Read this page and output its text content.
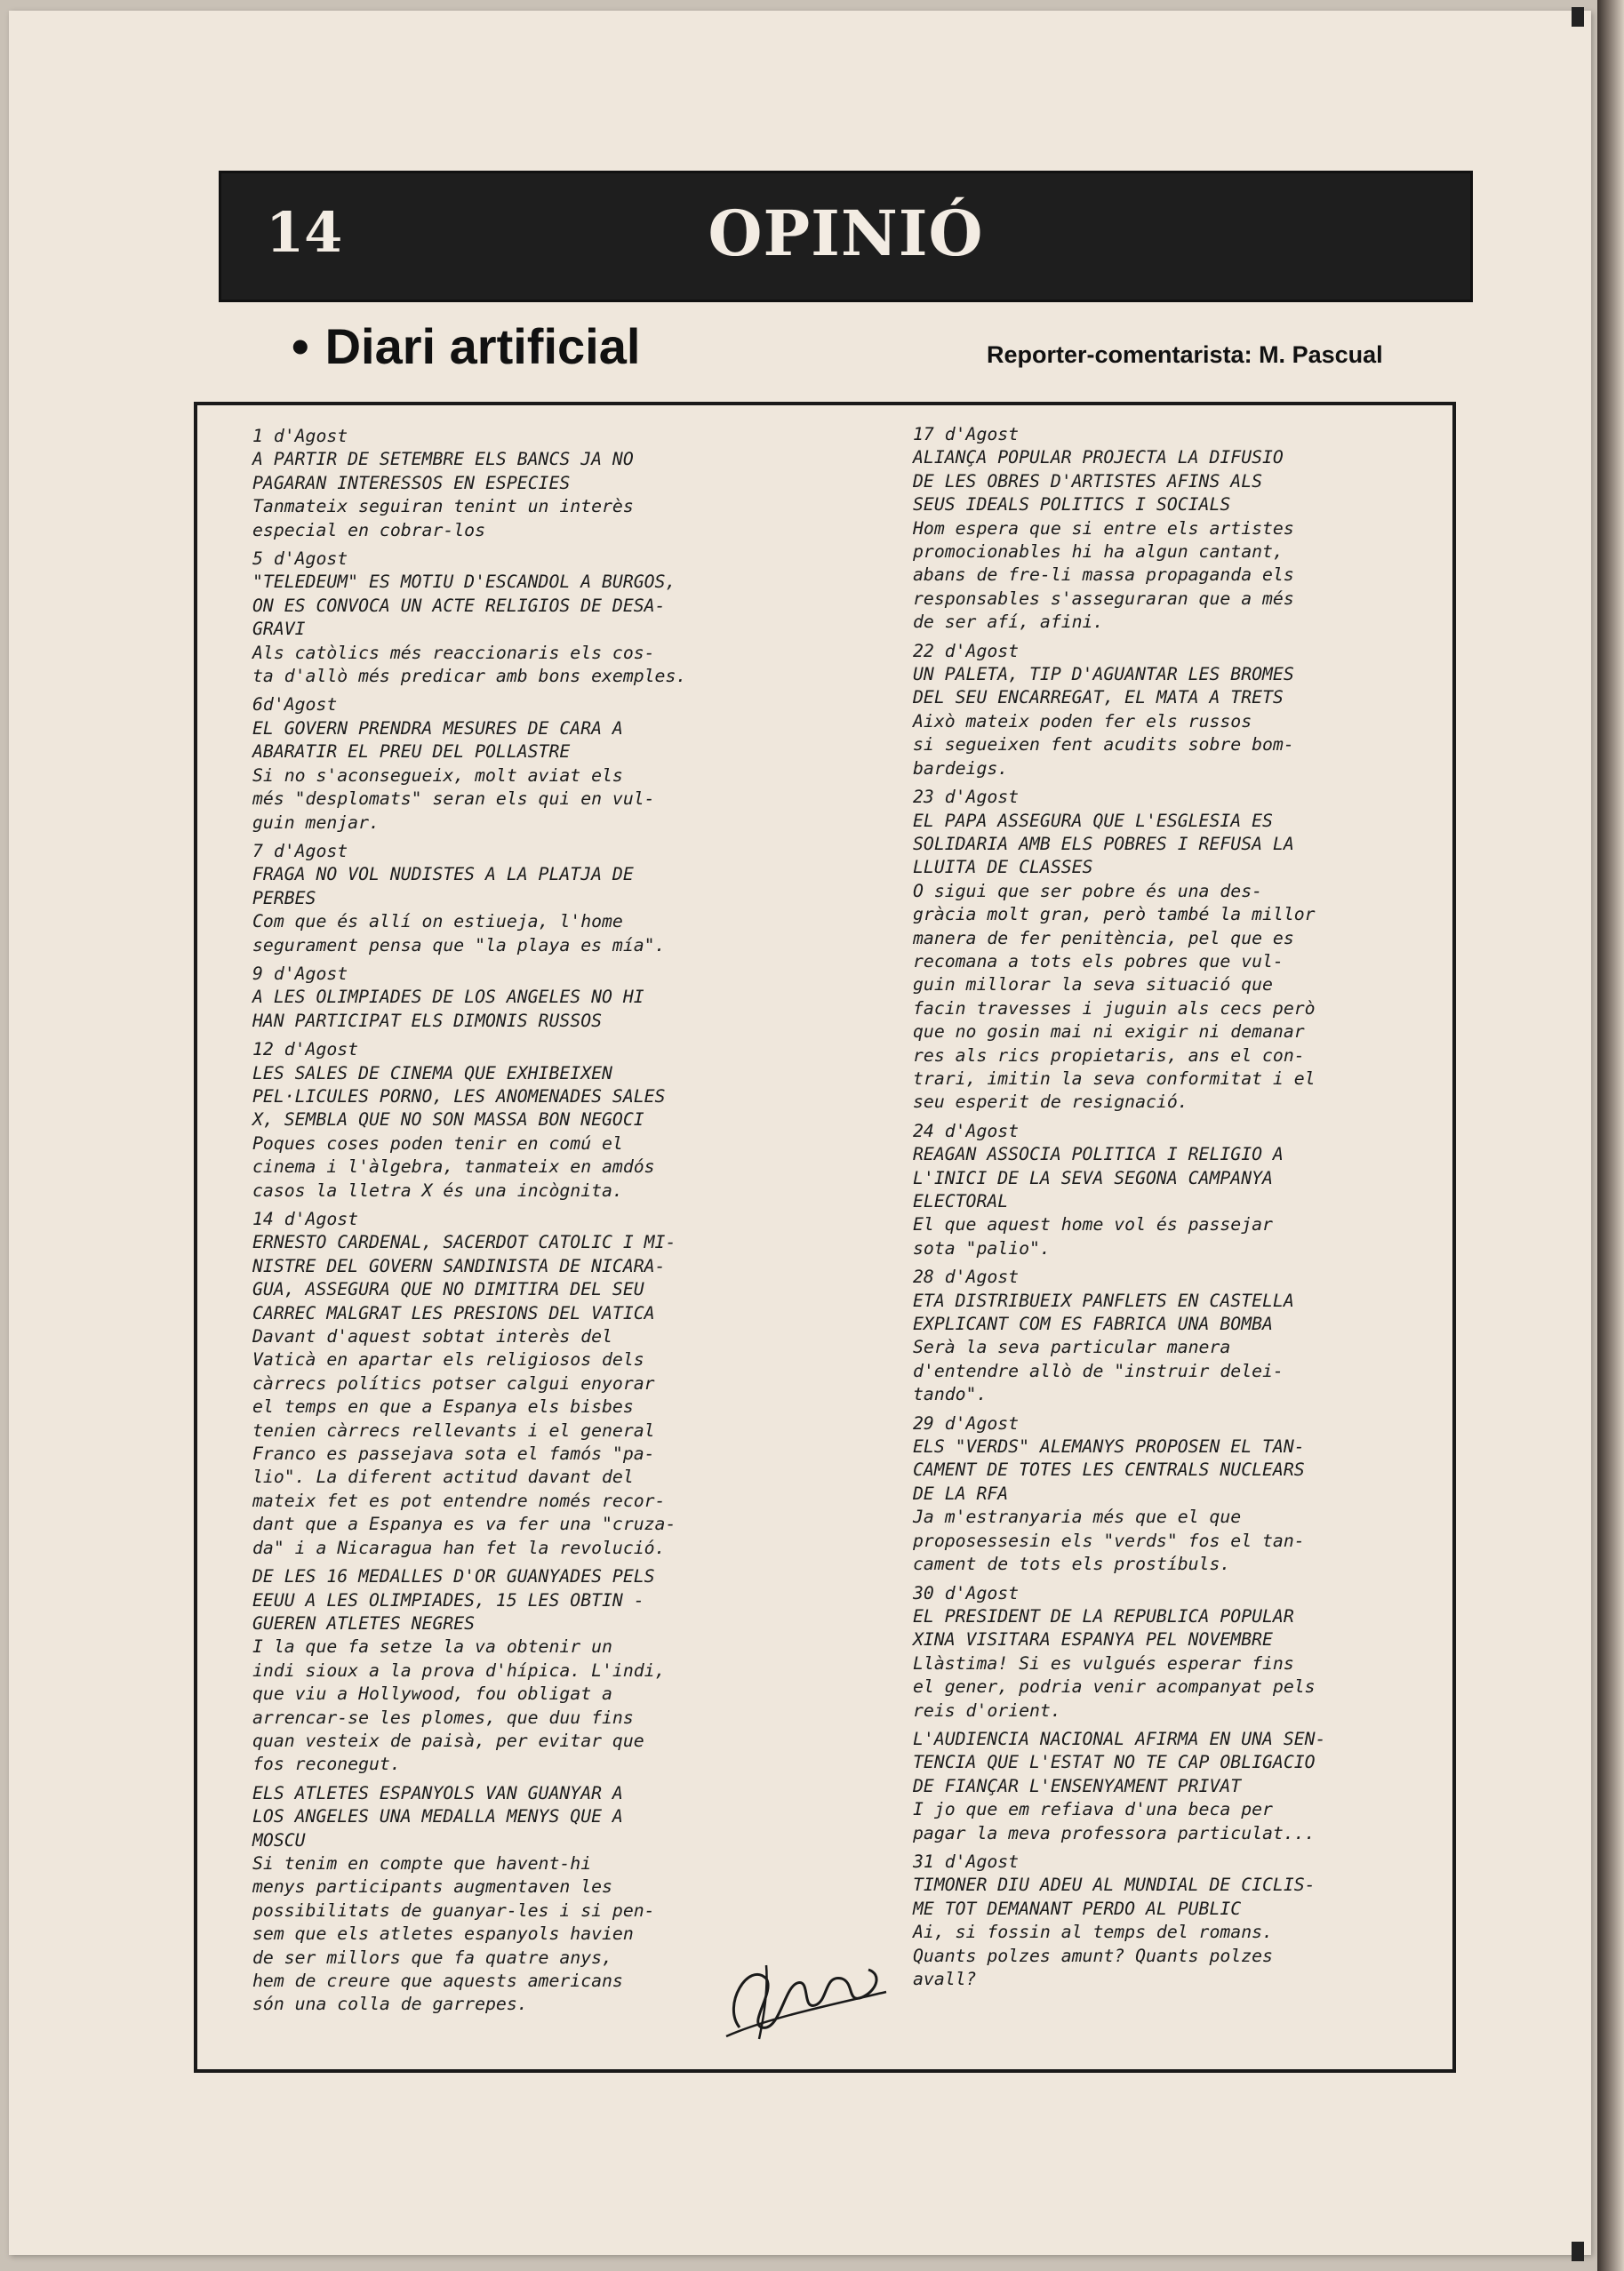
14	OPINIÓ
• Diari artificial	Reporter-comentarista: M. Pascual
1 d'Agost
A PARTIR DE SETEMBRE ELS BANCS JA NO
PAGARAN INTERESSOS EN ESPECIES
Tanmateix seguiran tenint un interès
especial en cobrar-los
5 d'Agost
"TELEDEUM" ES MOTIU D'ESCANDOL A BURGOS,
ON ES CONVOCA UN ACTE RELIGIOS DE DESA-
GRAVI
Als catòlics més reaccionaris els cos-
ta d'allò més predicar amb bons exemples.
6d'Agost
EL GOVERN PRENDRA MESURES DE CARA A
ABARATIR EL PREU DEL POLLASTRE
Si no s'aconsegueix, molt aviat els
més "desplomats" seran els qui en vul-
guin menjar.
7 d'Agost
FRAGA NO VOL NUDISTES A LA PLATJA DE
PERBES
Com que és allí on estiueja, l'home
segurament pensa que "la playa es mía".
9 d'Agost
A LES OLIMPIADES DE LOS ANGELES NO HI
HAN PARTICIPAT ELS DIMONIS RUSSOS
12 d'Agost
LES SALES DE CINEMA QUE EXHIBEIXEN
PEL·LICULES PORNO, LES ANOMENADES SALES
X, SEMBLA QUE NO SON MASSA BON NEGOCI
Poques coses poden tenir en comú el
cinema i l'àlgebra, tanmateix en amdós
casos la lletra X és una incògnita.
14 d'Agost
ERNESTO CARDENAL, SACERDOT CATOLIC I MI-
NISTRE DEL GOVERN SANDINISTA DE NICARA-
GUA, ASSEGURA QUE NO DIMITIRA DEL SEU
CARREC MALGRAT LES PRESIONS DEL VATICA
Davant d'aquest sobtat interès del
Vaticà en apartar els religiosos dels
càrrecs polítics potser calgui enyorar
el temps en que a Espanya els bisbes
tenien càrrecs rellevants i el general
Franco es passejava sota el famós "pa-
lio". La diferent actitud davant del
mateix fet es pot entendre només recor-
dant que a Espanya es va fer una "cruza-
da" i a Nicaragua han fet la revolució.
DE LES 16 MEDALLES D'OR GUANYADES PELS
EEUU A LES OLIMPIADES, 15 LES OBTIN -
GUEREN ATLETES NEGRES
I la que fa setze la va obtenir un
indi sioux a la prova d'hípica. L'indi,
que viu a Hollywood, fou obligat a
arrencar-se les plomes, que duu fins
quan vesteix de paisà, per evitar que
fos reconegut.
ELS ATLETES ESPANYOLS VAN GUANYAR A
LOS ANGELES UNA MEDALLA MENYS QUE A
MOSCU
Si tenim en compte que havent-hi
menys participants augmentaven les
possibilitats de guanyar-les i si pen-
sem que els atletes espanyols havien
de ser millors que fa quatre anys,
hem de creure que aquests americans
són una colla de garrepes.
17 d'Agost
ALIANÇA POPULAR PROJECTA LA DIFUSIO
DE LES OBRES D'ARTISTES AFINS ALS
SEUS IDEALS POLITICS I SOCIALS
Hom espera que si entre els artistes
promocionables hi ha algun cantant,
abans de fre-li massa propaganda els
responsables s'asseguraran que a més
de ser afí, afini.
22 d'Agost
UN PALETA, TIP D'AGUANTAR LES BROMES
DEL SEU ENCARREGAT, EL MATA A TRETS
Això mateix poden fer els russos
si segueixen fent acudits sobre bom-
bardeigs.
23 d'Agost
EL PAPA ASSEGURA QUE L'ESGLESIA ES
SOLIDARIA AMB ELS POBRES I REFUSA LA
LLUITA DE CLASSES
O sigui que ser pobre és una des-
gràcia molt gran, però també la millor
manera de fer penitència, pel que es
recomana a tots els pobres que vul-
guin millorar la seva situació que
facin travesses i juguin als cecs però
que no gosin mai ni exigir ni demanar
res als rics propietaris, ans el con-
trari, imitin la seva conformitat i el
seu esperit de resignació.
24 d'Agost
REAGAN ASSOCIA POLITICA I RELIGIO A
L'INICI DE LA SEVA SEGONA CAMPANYA
ELECTORAL
El que aquest home vol és passejar
sota "palio".
28 d'Agost
ETA DISTRIBUEIX PANFLETS EN CASTELLA
EXPLICANT COM ES FABRICA UNA BOMBA
Serà la seva particular manera
d'entendre allò de "instruir delei-
tando".
29 d'Agost
ELS "VERDS" ALEMANYS PROPOSEN EL TAN-
CAMENT DE TOTES LES CENTRALS NUCLEARS
DE LA RFA
Ja m'estranyaria més que el que
proposessesin els "verds" fos el tan-
cament de tots els prostíbuls.
30 d'Agost
EL PRESIDENT DE LA REPUBLICA POPULAR
XINA VISITARA ESPANYA PEL NOVEMBRE
Llàstima! Si es vulgués esperar fins
el gener, podria venir acompanyat pels
reis d'orient.
L'AUDIENCIA NACIONAL AFIRMA EN UNA SEN-
TENCIA QUE L'ESTAT NO TE CAP OBLIGACIO
DE FIANÇAR L'ENSENYAMENT PRIVAT
I jo que em refiava d'una beca per
pagar la meva professora particulat...
31 d'Agost
TIMONER DIU ADEU AL MUNDIAL DE CICLIS-
ME TOT DEMANANT PERDO AL PUBLIC
Ai, si fossin al temps del romans.
Quants polzes amunt? Quants polzes
avall?
